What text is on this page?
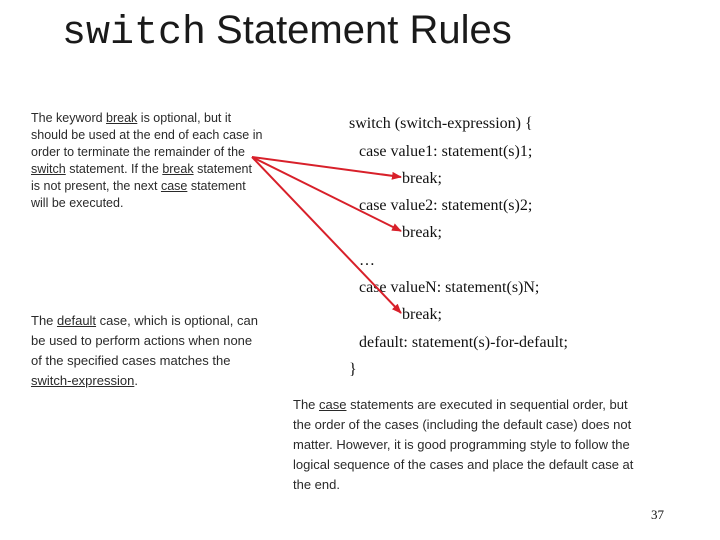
switch Statement Rules
The keyword break is optional, but it should be used at the end of each case in order to terminate the remainder of the switch statement. If the break statement is not present, the next case statement will be executed.
The default case, which is optional, can be used to perform actions when none of the specified cases matches the switch-expression.
The case statements are executed in sequential order, but the order of the cases (including the default case) does not matter. However, it is good programming style to follow the logical sequence of the cases and place the default case at the end.
switch (switch-expression) {
case value1: statement(s)1;
break;
case value2: statement(s)2;
break;
…
case valueN: statement(s)N;
break;
default: statement(s)-for-default;
}
37
